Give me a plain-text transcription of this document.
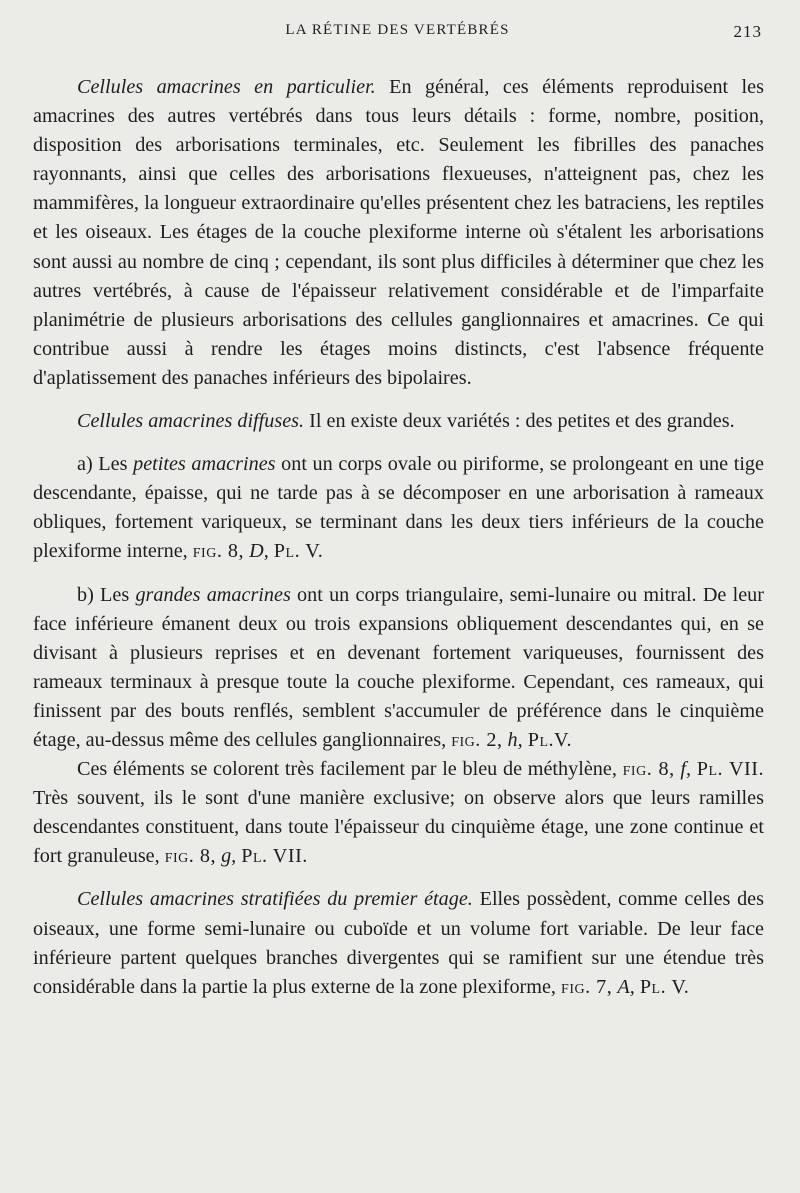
LA RÉTINE DES VERTÉBRÉS	213

Cellules amacrines en particulier. En général, ces éléments reproduisent les amacrines des autres vertébrés dans tous leurs détails : forme, nombre, position, disposition des arborisations terminales, etc. Seulement les fibrilles des panaches rayonnants, ainsi que celles des arborisations flexueuses, n'atteignent pas, chez les mammifères, la longueur extraordinaire qu'elles présentent chez les batraciens, les reptiles et les oiseaux. Les étages de la couche plexiforme interne où s'étalent les arborisations sont aussi au nombre de cinq ; cependant, ils sont plus difficiles à déterminer que chez les autres vertébrés, à cause de l'épaisseur relativement considérable et de l'imparfaite planimétrie de plusieurs arborisations des cellules ganglionnaires et amacrines. Ce qui contribue aussi à rendre les étages moins distincts, c'est l'absence fréquente d'aplatissement des panaches inférieurs des bipolaires.

Cellules amacrines diffuses. Il en existe deux variétés : des petites et des grandes.

a) Les petites amacrines ont un corps ovale ou piriforme, se prolongeant en une tige descendante, épaisse, qui ne tarde pas à se décomposer en une arborisation à rameaux obliques, fortement variqueux, se terminant dans les deux tiers inférieurs de la couche plexiforme interne, fig. 8, D, Pl. V.

b) Les grandes amacrines ont un corps triangulaire, semi-lunaire ou mitral. De leur face inférieure émanent deux ou trois expansions obliquement descendantes qui, en se divisant à plusieurs reprises et en devenant fortement variqueuses, fournissent des rameaux terminaux à presque toute la couche plexiforme. Cependant, ces rameaux, qui finissent par des bouts renflés, semblent s'accumuler de préférence dans le cinquième étage, au-dessus même des cellules ganglionnaires, fig. 2, h, Pl.V.

Ces éléments se colorent très facilement par le bleu de méthylène, fig. 8, f, Pl. VII. Très souvent, ils le sont d'une manière exclusive; on observe alors que leurs ramilles descendantes constituent, dans toute l'épaisseur du cinquième étage, une zone continue et fort granuleuse, fig. 8, g, Pl. VII.

Cellules amacrines stratifiées du premier étage. Elles possèdent, comme celles des oiseaux, une forme semi-lunaire ou cuboïde et un volume fort variable. De leur face inférieure partent quelques branches divergentes qui se ramifient sur une étendue très considérable dans la partie la plus externe de la zone plexiforme, fig. 7, A, Pl. V.
